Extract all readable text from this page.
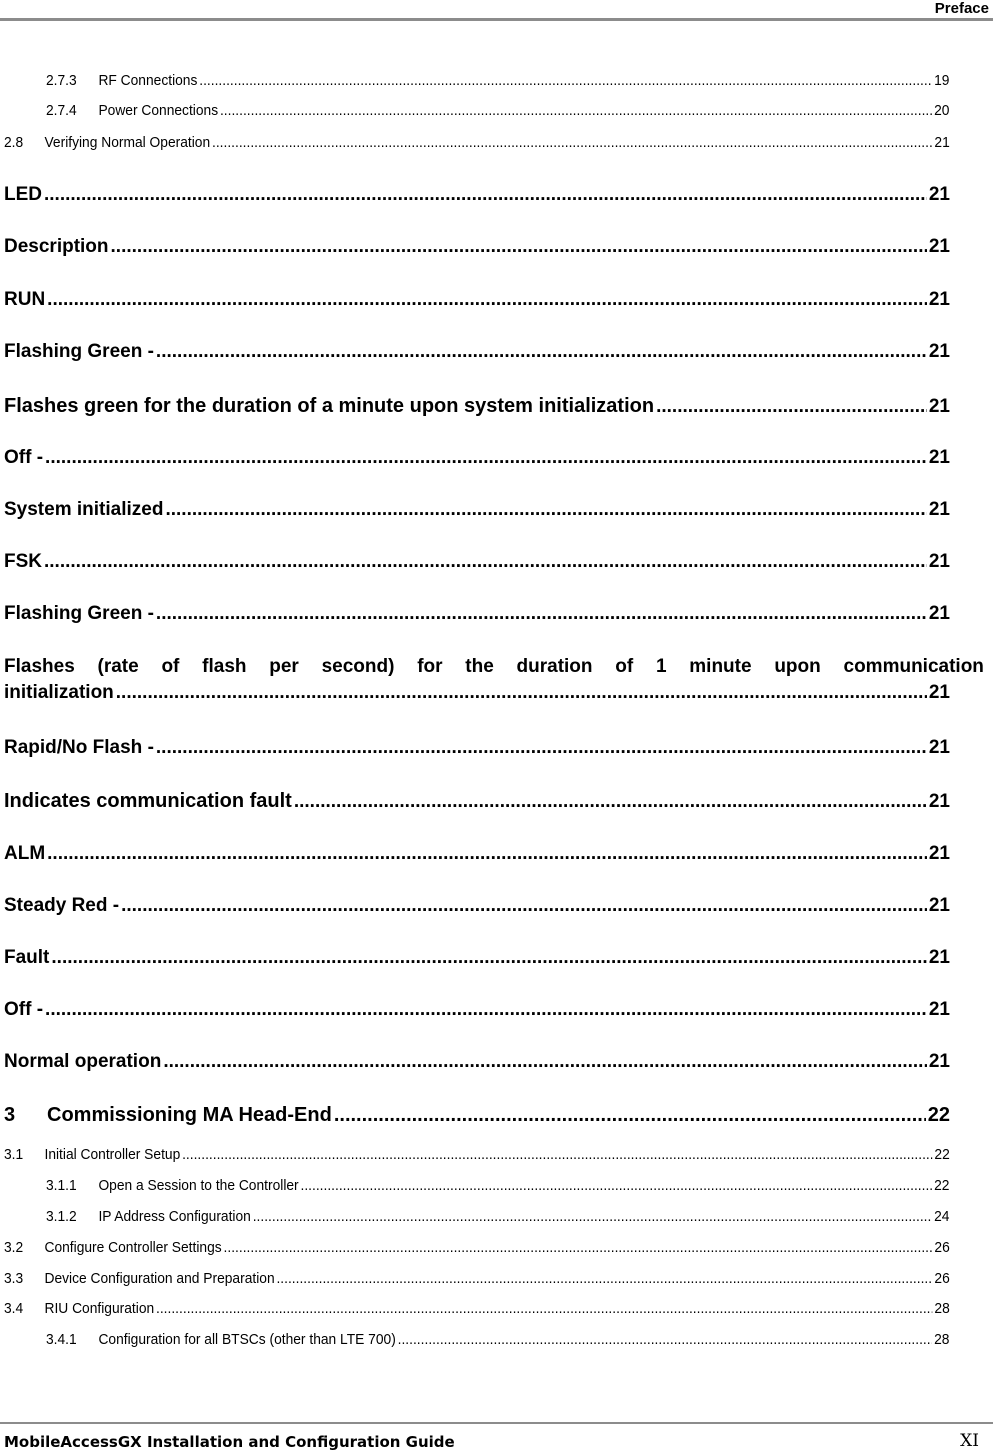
Preface
2.7.3	RF Connections .....	19
2.7.4	Power Connections .....	20
2.8	Verifying Normal Operation .....	21
LED .....	21
Description .....	21
RUN .....	21
Flashing Green - .....	21
Flashes green for the duration of a minute upon system initialization .....	21
Off - .....	21
System initialized .....	21
FSK .....	21
Flashing Green - .....	21
Flashes (rate of flash per second) for the duration of 1 minute upon communication
initialization .....	21
Rapid/No Flash - .....	21
Indicates communication fault .....	21
ALM .....	21
Steady Red - .....	21
Fault .....	21
Off - .....	21
Normal operation .....	21
3	Commissioning MA Head-End .....	22
3.1	Initial Controller Setup .....	22
3.1.1	Open a Session to the Controller .....	22
3.1.2	IP Address Configuration .....	24
3.2	Configure Controller Settings .....	26
3.3	Device Configuration and Preparation .....	26
3.4	RIU Configuration .....	28
3.4.1	Configuration for all BTSCs (other than LTE 700) .....	28
MobileAccessGX Installation and Configuration Guide	XI
